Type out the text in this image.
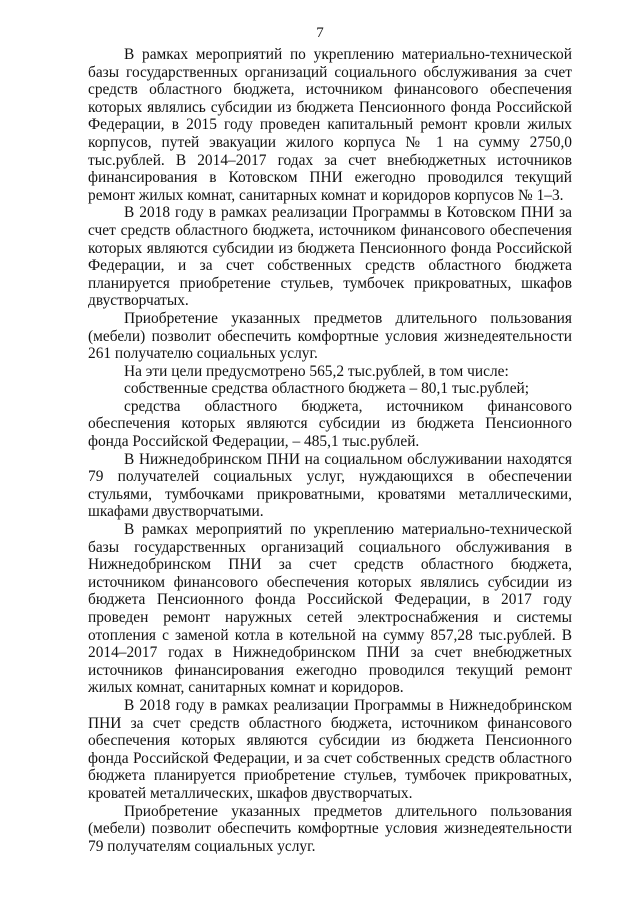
7

В рамках мероприятий по укреплению материально-технической базы государственных организаций социального обслуживания за счет средств областного бюджета, источником финансового обеспечения которых являлись субсидии из бюджета Пенсионного фонда Российской Федерации, в 2015 году проведен капитальный ремонт кровли жилых корпусов, путей эвакуации жилого корпуса № 1 на сумму 2750,0 тыс.рублей. В 2014–2017 годах за счет внебюджетных источников финансирования в Котовском ПНИ ежегодно проводился текущий ремонт жилых комнат, санитарных комнат и коридоров корпусов № 1–3.

В 2018 году в рамках реализации Программы в Котовском ПНИ за счет средств областного бюджета, источником финансового обеспечения которых являются субсидии из бюджета Пенсионного фонда Российской Федерации, и за счет собственных средств областного бюджета планируется приобретение стульев, тумбочек прикроватных, шкафов двустворчатых.

Приобретение указанных предметов длительного пользования (мебели) позволит обеспечить комфортные условия жизнедеятельности 261 получателю социальных услуг.

На эти цели предусмотрено 565,2 тыс.рублей, в том числе:

собственные средства областного бюджета – 80,1 тыс.рублей;

средства областного бюджета, источником финансового обеспечения которых являются субсидии из бюджета Пенсионного фонда Российской Федерации, – 485,1 тыс.рублей.

В Нижнедобринском ПНИ на социальном обслуживании находятся 79 получателей социальных услуг, нуждающихся в обеспечении стульями, тумбочками прикроватными, кроватями металлическими, шкафами двустворчатыми.

В рамках мероприятий по укреплению материально-технической базы государственных организаций социального обслуживания в Нижнедобринском ПНИ за счет средств областного бюджета, источником финансового обеспечения которых являлись субсидии из бюджета Пенсионного фонда Российской Федерации, в 2017 году проведен ремонт наружных сетей электроснабжения и системы отопления с заменой котла в котельной на сумму 857,28 тыс.рублей. В 2014–2017 годах в Нижнедобринском ПНИ за счет внебюджетных источников финансирования ежегодно проводился текущий ремонт жилых комнат, санитарных комнат и коридоров.

В 2018 году в рамках реализации Программы в Нижнедобринском ПНИ за счет средств областного бюджета, источником финансового обеспечения которых являются субсидии из бюджета Пенсионного фонда Российской Федерации, и за счет собственных средств областного бюджета планируется приобретение стульев, тумбочек прикроватных, кроватей металлических, шкафов двустворчатых.

Приобретение указанных предметов длительного пользования (мебели) позволит обеспечить комфортные условия жизнедеятельности 79 получателям социальных услуг.
